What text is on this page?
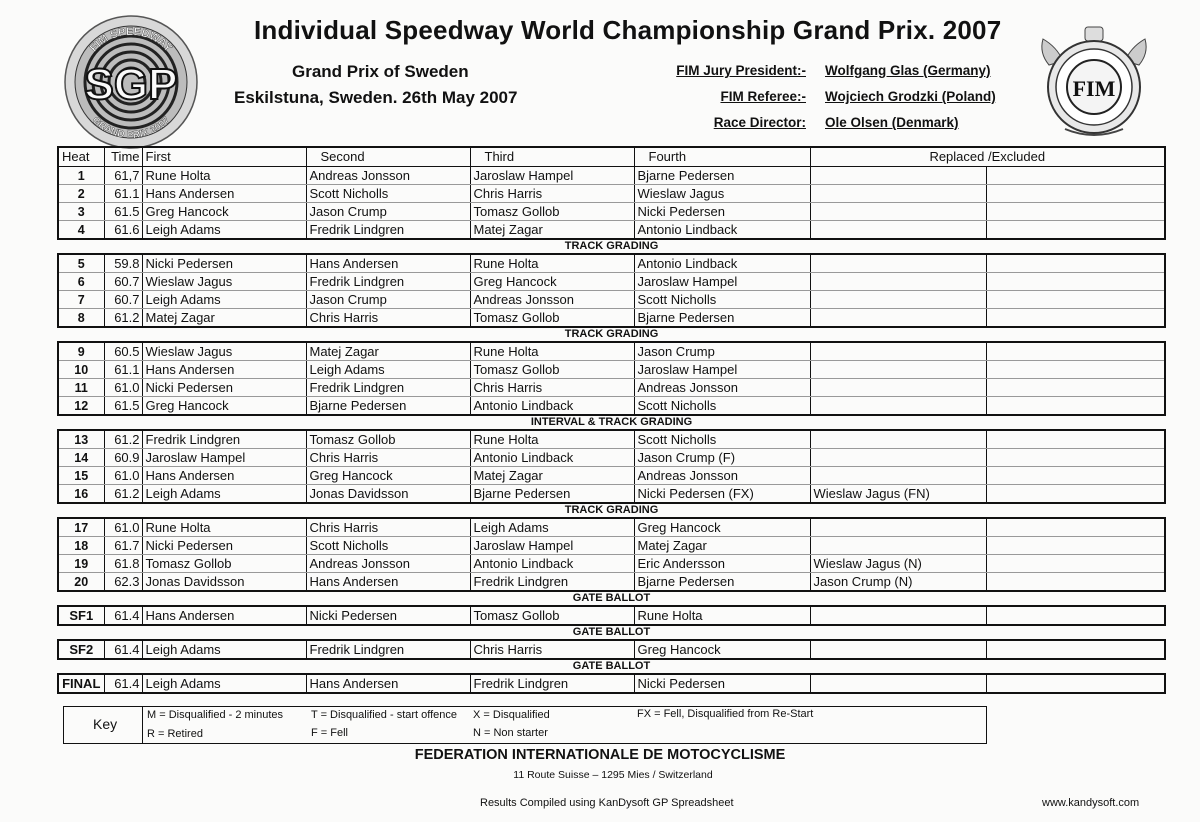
FIM SPEEDWAY
SGP
GRAND PRIX 2007
Individual Speedway World Championship Grand Prix. 2007
Grand Prix of Sweden
Eskilstuna, Sweden. 26th May 2007
FIM Jury President:- Wolfgang Glas (Germany)
FIM Referee:- Wojciech Grodzki (Poland)
Race Director: Ole Olsen (Denmark)
FIM
Heat	Time	First	Second	Third	Fourth	Replaced /Excluded	
1	61,7	Rune Holta	Andreas Jonsson	Jaroslaw Hampel	Bjarne Pedersen		
2	61.1	Hans Andersen	Scott Nicholls	Chris Harris	Wieslaw Jagus		
3	61.5	Greg Hancock	Jason Crump	Tomasz Gollob	Nicki Pedersen		
4	61.6	Leigh Adams	Fredrik Lindgren	Matej Zagar	Antonio Lindback		
TRACK GRADING							
5	59.8	Nicki Pedersen	Hans Andersen	Rune Holta	Antonio Lindback		
6	60.7	Wieslaw Jagus	Fredrik Lindgren	Greg Hancock	Jaroslaw Hampel		
7	60.7	Leigh Adams	Jason Crump	Andreas Jonsson	Scott Nicholls		
8	61.2	Matej Zagar	Chris Harris	Tomasz Gollob	Bjarne Pedersen		
TRACK GRADING							
9	60.5	Wieslaw Jagus	Matej Zagar	Rune Holta	Jason Crump		
10	61.1	Hans Andersen	Leigh Adams	Tomasz Gollob	Jaroslaw Hampel		
11	61.0	Nicki Pedersen	Fredrik Lindgren	Chris Harris	Andreas Jonsson		
12	61.5	Greg Hancock	Bjarne Pedersen	Antonio Lindback	Scott Nicholls		
INTERVAL & TRACK GRADING							
13	61.2	Fredrik Lindgren	Tomasz Gollob	Rune Holta	Scott Nicholls		
14	60.9	Jaroslaw Hampel	Chris Harris	Antonio Lindback	Jason Crump (F)		
15	61.0	Hans Andersen	Greg Hancock	Matej Zagar	Andreas Jonsson		
16	61.2	Leigh Adams	Jonas Davidsson	Bjarne Pedersen	Nicki Pedersen (FX)	Wieslaw Jagus (FN)	
TRACK GRADING							
17	61.0	Rune Holta	Chris Harris	Leigh Adams	Greg Hancock		
18	61.7	Nicki Pedersen	Scott Nicholls	Jaroslaw Hampel	Matej Zagar		
19	61.8	Tomasz Gollob	Andreas Jonsson	Antonio Lindback	Eric Andersson	Wieslaw Jagus (N)	
20	62.3	Jonas Davidsson	Hans Andersen	Fredrik Lindgren	Bjarne Pedersen	Jason Crump (N)	
GATE BALLOT							
SF1	61.4	Hans Andersen	Nicki Pedersen	Tomasz Gollob	Rune Holta		
GATE BALLOT							
SF2	61.4	Leigh Adams	Fredrik Lindgren	Chris Harris	Greg Hancock		
GATE BALLOT							
FINAL	61.4	Leigh Adams	Hans Andersen	Fredrik Lindgren	Nicki Pedersen		
Key
M = Disqualified - 2 minutes
R = Retired
T = Disqualified - start offence
F = Fell
X = Disqualified
N = Non starter
FX = Fell, Disqualified from Re-Start
FEDERATION INTERNATIONALE DE MOTOCYCLISME
11 Route Suisse – 1295 Mies / Switzerland
Results Compiled using KanDysoft GP Spreadsheet	www.kandysoft.com
